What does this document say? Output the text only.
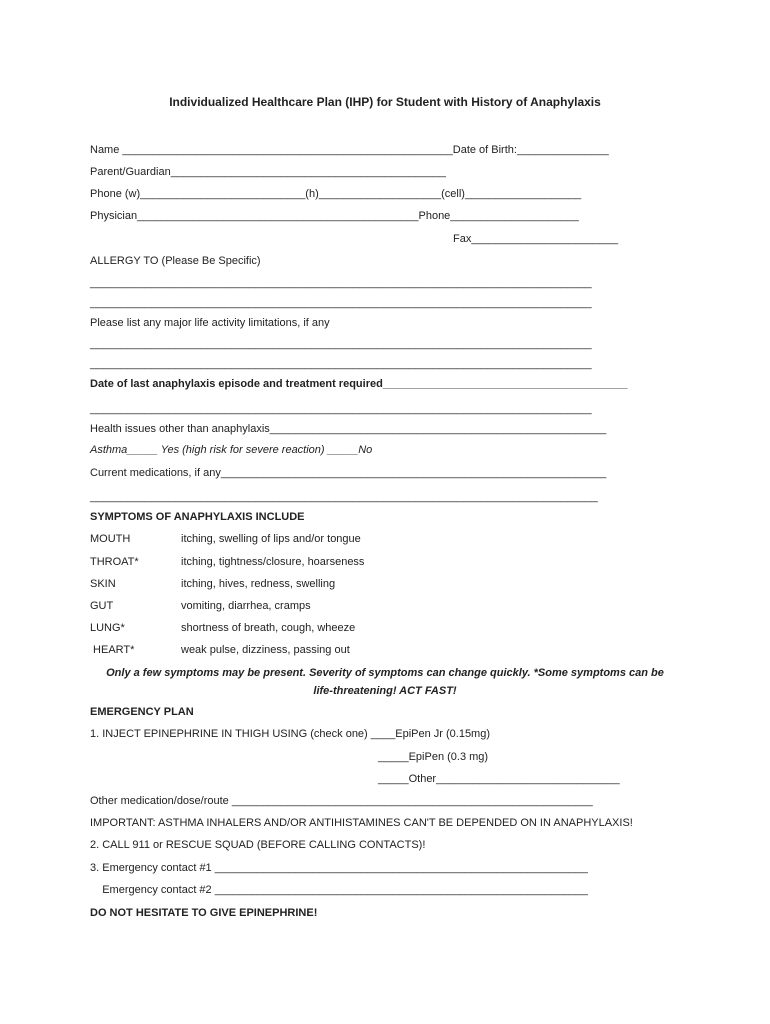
Individualized Healthcare Plan (IHP) for Student with History of Anaphylaxis
Name ______________________________________________________Date of Birth:_______________
Parent/Guardian_____________________________________________
Phone (w)___________________________(h)____________________(cell)___________________
Physician______________________________________________Phone_____________________
Fax________________________
ALLERGY TO (Please Be Specific)
__________________________________________________________________________________
__________________________________________________________________________________
Please list any major life activity limitations, if any
__________________________________________________________________________________
__________________________________________________________________________________
Date of last anaphylaxis episode and treatment required________________________________________
__________________________________________________________________________________
Health issues other than anaphylaxis_______________________________________________________
Asthma_____ Yes (high risk for severe reaction) _____No
Current medications, if any_______________________________________________________________
___________________________________________________________________________________
SYMPTOMS OF ANAPHYLAXIS INCLUDE
MOUTH	itching, swelling of lips and/or tongue
THROAT*	itching, tightness/closure, hoarseness
SKIN	itching, hives, redness, swelling
GUT	vomiting, diarrhea, cramps
LUNG*	shortness of breath, cough, wheeze
HEART*	weak pulse, dizziness, passing out
Only a few symptoms may be present. Severity of symptoms can change quickly. *Some symptoms can be
life-threatening! ACT FAST!
EMERGENCY PLAN
1. INJECT EPINEPHRINE IN THIGH USING (check one) ____EpiPen Jr (0.15mg)
_____EpiPen (0.3 mg)
_____Other______________________________
Other medication/dose/route ___________________________________________________________
IMPORTANT: ASTHMA INHALERS AND/OR ANTIHISTAMINES CAN'T BE DEPENDED ON IN ANAPHYLAXIS!
2. CALL 911 or RESCUE SQUAD (BEFORE CALLING CONTACTS)!
3. Emergency contact #1 _____________________________________________________________
Emergency contact #2 _____________________________________________________________
DO NOT HESITATE TO GIVE EPINEPHRINE!
